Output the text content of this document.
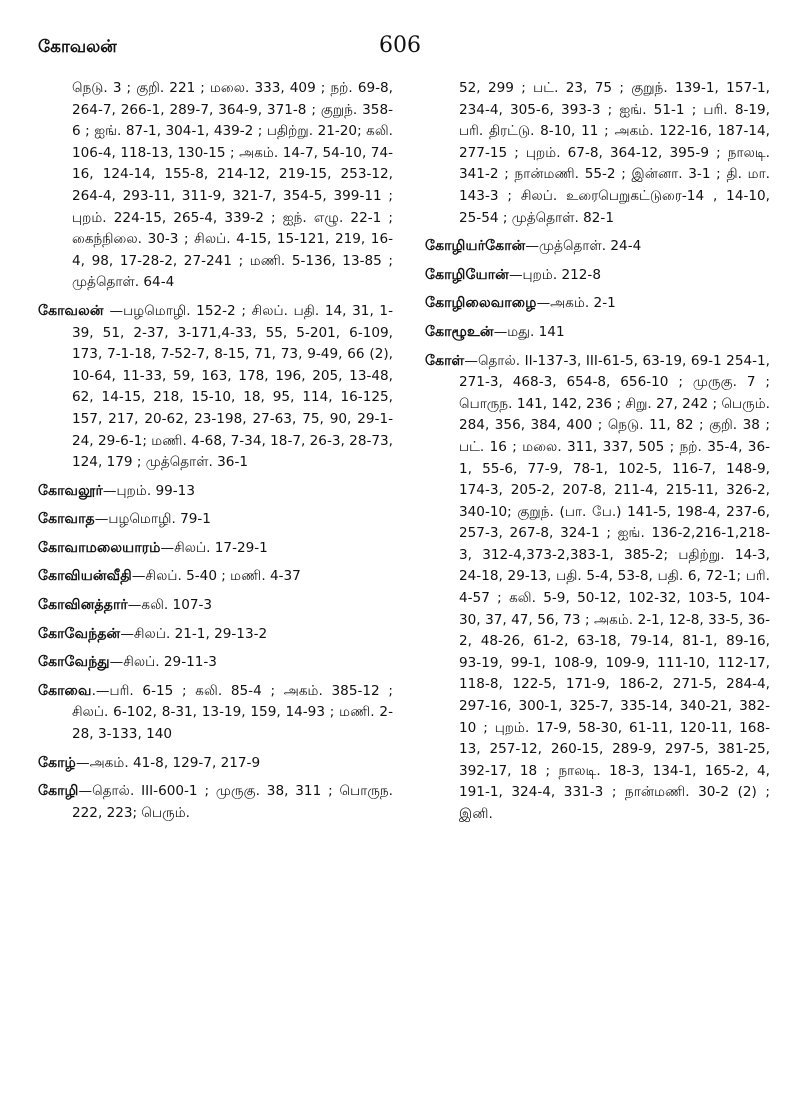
கோவலன்	606
நெடு. 3 ; குறி. 221 ; மலை. 333, 409 ; நற். 69-8, 264-7, 266-1, 289-7, 364-9, 371-8 ; குறுந். 358-6 ; ஐங். 87-1, 304-1, 439-2 ; பதிற்று. 21-20; கலி. 106-4, 118-13, 130-15 ; அகம். 14-7, 54-10, 74-16, 124-14, 155-8, 214-12, 219-15, 253-12, 264-4, 293-11, 311-9, 321-7, 354-5, 399-11 ; புறம். 224-15, 265-4, 339-2 ; ஐந். எழு. 22-1 ; கைந்நிலை. 30-3 ; சிலப். 4-15, 15-121, 219, 16-4, 98, 17-28-2, 27-241 ; மணி. 5-136, 13-85 ; முத்தொள். 64-4
கோவலன் —பழமொழி. 152-2 ; சிலப். பதி. 14, 31, 1-39, 51, 2-37, 3-171,4-33, 55, 5-201, 6-109, 173, 7-1-18, 7-52-7, 8-15, 71, 73, 9-49, 66 (2), 10-64, 11-33, 59, 163, 178, 196, 205, 13-48, 62, 14-15, 218, 15-10, 18, 95, 114, 16-125, 157, 217, 20-62, 23-198, 27-63, 75, 90, 29-1-24, 29-6-1; மணி. 4-68, 7-34, 18-7, 26-3, 28-73, 124, 179 ; முத்தொள். 36-1
கோவலூர்—புறம். 99-13
கோவாத—பழமொழி. 79-1
கோவாமலையாரம்—சிலப். 17-29-1
கோவியன்வீதி—சிலப். 5-40 ; மணி. 4-37
கோவினத்தார்—கலி. 107-3
கோவேந்தன்—சிலப். 21-1, 29-13-2
கோவேந்து—சிலப். 29-11-3
கோவை.—பரி. 6-15 ; கலி. 85-4 ; அகம். 385-12 ; சிலப். 6-102, 8-31, 13-19, 159, 14-93 ; மணி. 2-28, 3-133, 140
கோழ்—அகம். 41-8, 129-7, 217-9
கோழி—தொல். III-600-1 ; முருகு. 38, 311 ; பொருந. 222, 223; பெரும்.
52, 299 ; பட். 23, 75 ; குறுந். 139-1, 157-1, 234-4, 305-6, 393-3 ; ஐங். 51-1 ; பரி. 8-19, பரி. திரட்டு. 8-10, 11 ; அகம். 122-16, 187-14, 277-15 ; புறம். 67-8, 364-12, 395-9 ; நாலடி. 341-2 ; நான்மணி. 55-2 ; இன்னா. 3-1 ; தி. மா. 143-3 ; சிலப். உரைபெறுகட்டுரை-14 , 14-10, 25-54 ; முத்தொள். 82-1
கோழியர்கோன்—முத்தொள். 24-4
கோழியோன்—புறம். 212-8
கோழிலைவாழை—அகம். 2-1
கோழூஉன்—மது. 141
கோள்—தொல். II-137-3, III-61-5, 63-19, 69-1 254-1, 271-3, 468-3, 654-8, 656-10 ; முருகு. 7 ; பொருந. 141, 142, 236 ; சிறு. 27, 242 ; பெரும். 284, 356, 384, 400 ; நெடு. 11, 82 ; குறி. 38 ; பட். 16 ; மலை. 311, 337, 505 ; நற். 35-4, 36-1, 55-6, 77-9, 78-1, 102-5, 116-7, 148-9, 174-3, 205-2, 207-8, 211-4, 215-11, 326-2, 340-10; குறுந். (பா. பே.) 141-5, 198-4, 237-6, 257-3, 267-8, 324-1 ; ஐங். 136-2,216-1,218-3, 312-4,373-2,383-1, 385-2; பதிற்று. 14-3, 24-18, 29-13, பதி. 5-4, 53-8, பதி. 6, 72-1; பரி. 4-57 ; கலி. 5-9, 50-12, 102-32, 103-5, 104-30, 37, 47, 56, 73 ; அகம். 2-1, 12-8, 33-5, 36-2, 48-26, 61-2, 63-18, 79-14, 81-1, 89-16, 93-19, 99-1, 108-9, 109-9, 111-10, 112-17, 118-8, 122-5, 171-9, 186-2, 271-5, 284-4, 297-16, 300-1, 325-7, 335-14, 340-21, 382-10 ; புறம். 17-9, 58-30, 61-11, 120-11, 168-13, 257-12, 260-15, 289-9, 297-5, 381-25, 392-17, 18 ; நாலடி. 18-3, 134-1, 165-2, 4, 191-1, 324-4, 331-3 ; நான்மணி. 30-2 (2) ; இனி.
